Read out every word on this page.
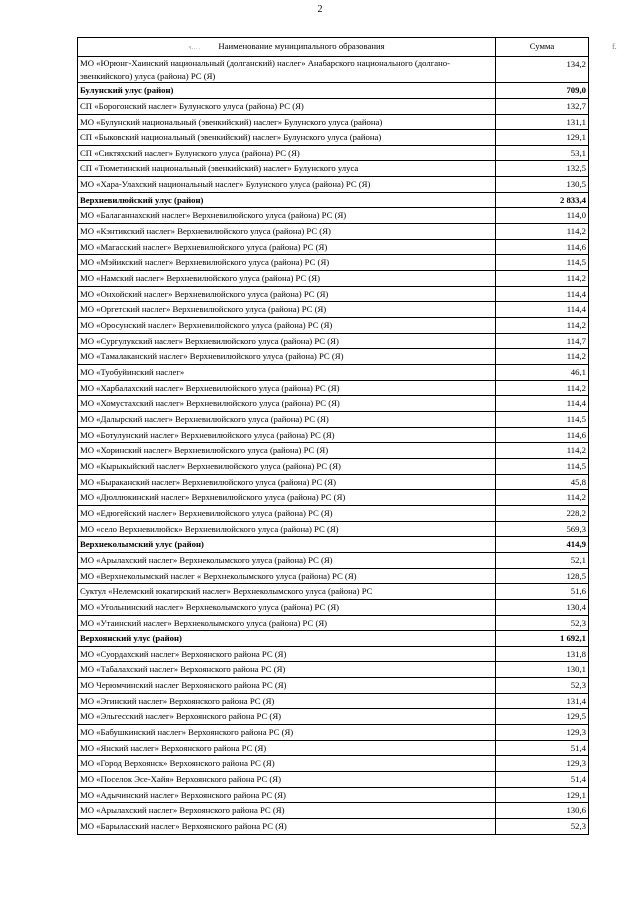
2
f.
ч… . Наименование муниципального образования	Сумма
МО «Юрюнг-Хаинский национальный (долганский) наслег» Анабарского национального (долгано-эвенкийского) улуса (района) РС (Я)	134,2
Булунский улус (район)	709,0
СП «Борогонский наслег» Булунского улуса (района) РС (Я)	132,7
МО «Булунский национальный (эвенкийский) наслег» Булунского улуса (района)	131,1
СП «Быковский национальный (эвенкийский) наслег» Булунского улуса (района)	129,1
СП «Сиктяхский наслег» Булунского улуса (района) РС (Я)	53,1
СП «Тюметинский национальный (эвенкийский) наслег» Булунского улуса	132,5
МО «Хара-Улахский национальный наслег» Булунского улуса (района) РС (Я)	130,5
Верхневилюйский улус (район)	2 833,4
МО «Балаганнахский наслег» Верхневилюйского улуса (района) РС (Я)	114,0
МО «Кэнтикский наслег» Верхневилюйского улуса (района) РС (Я)	114,2
МО «Магасский наслег» Верхневилюйского улуса (района) РС (Я)	114,6
МО «Мэйикский наслег» Верхневилюйского улуса (района) РС (Я)	114,5
МО «Намский наслег» Верхневилюйского улуса (района) РС (Я)	114,2
МО «Онхойский наслег» Верхневилюйского улуса (района) РС (Я)	114,4
МО «Оргетский наслег» Верхневилюйского улуса (района) РС (Я)	114,4
МО «Оросунский наслег» Верхневилюйского улуса (района) РС (Я)	114,2
МО «Сургулукский наслег» Верхневилюйского улуса (района) РС (Я)	114,7
МО «Тамалаканский наслег» Верхневилюйского улуса (района) РС (Я)	114,2
МО «Туобуйинский наслег»	46,1
МО «Харбалахский наслег» Верхневилюйского улуса (района) РС (Я)	114,2
МО «Хомустахский наслег» Верхневилюйского улуса (района) РС (Я)	114,4
МО «Далырский наслег» Верхневилюйского улуса (района) РС (Я)	114,5
МО «Ботулунский наслег» Верхневилюйского улуса (района) РС (Я)	114,6
МО «Хоринский наслег» Верхневилюйского улуса (района) РС (Я)	114,2
МО «Кырыкыйский наслег» Верхневилюйского улуса (района) РС (Я)	114,5
МО «Быраканский наслег» Верхневилюйского улуса (района) РС (Я)	45,8
МО «Дюллюкинский наслег» Верхневилюйского улуса (района) РС (Я)	114,2
МО «Едюгейский наслег» Верхневилюйского улуса (района) РС (Я)	228,2
МО «село Верхневилюйск» Верхневилюйского улуса (района) РС (Я)	569,3
Верхнеколымский улус (район)	414,9
МО «Арылахский наслег» Верхнеколымского улуса (района) РС (Я)	52,1
МО «Верхнеколымский наслег « Верхнеколымского улуса (района) РС (Я)	128,5
Суктул «Нелемский юкагирский наслег» Верхнеколымского улуса (района) РС	51,6
МО «Угольнинский наслег» Верхнеколымского улуса (района) РС (Я)	130,4
МО «Утаинский наслег» Верхнеколымского улуса (района) РС (Я)	52,3
Верхоянский улус (район)	1 692,1
МО «Суордахский наслег» Верхоянского района РС (Я)	131,8
МО «Табалахский наслег» Верхоянского района РС (Я)	130,1
МО Черюмчинский наслег Верхоянского района РС (Я)	52,3
МО «Эгинский наслег» Верхоянского района РС (Я)	131,4
МО «Эльгесский наслег» Верхоянского района РС (Я)	129,5
МО «Бабушкинский наслег» Верхоянского района РС (Я)	129,3
МО «Янский наслег» Верхоянского района РС (Я)	51,4
МО «Город Верхоянск» Верхоянского района РС (Я)	129,3
МО «Поселок Эсе-Хайя» Верхоянского района РС (Я)	51,4
МО «Адычинский наслег» Верхоянского района РС (Я)	129,1
МО «Арылахский наслег» Верхоянского района РС (Я)	130,6
МО «Барыласский наслег» Верхоянского района РС (Я)	52,3
